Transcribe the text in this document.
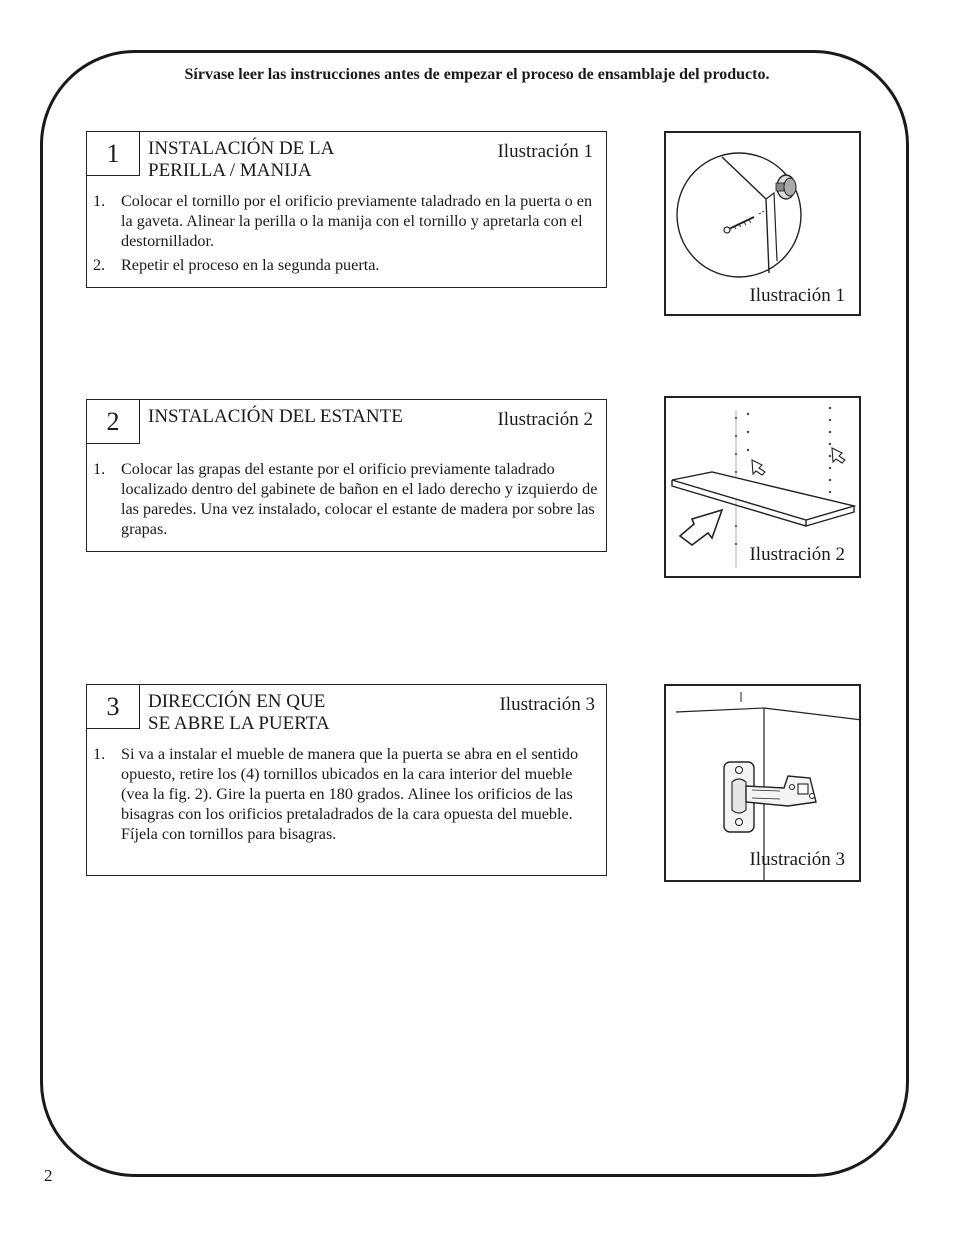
Sírvase leer las instrucciones antes de empezar el proceso de ensamblaje del producto.
1	INSTALACIÓN DE LA
PERILLA / MANIJA
Ilustración 1
1. Colocar el tornillo por el orificio previamente taladrado en la puerta o en la gaveta. Alinear la perilla o la manija con el tornillo y apretarla con el destornillador.
2. Repetir el proceso en la segunda puerta.
2	INSTALACIÓN DEL ESTANTE	Ilustración 2
1. Colocar las grapas del estante por el orificio previamente taladrado localizado dentro del gabinete de bañon en el lado derecho y izquierdo de las paredes. Una vez instalado, colocar el estante de madera por sobre las grapas.
3	DIRECCIÓN EN QUE
SE ABRE LA PUERTA
Ilustración 3
1. Si va a instalar el mueble de manera que la puerta se abra en el sentido opuesto, retire los (4) tornillos ubicados en la cara interior del mueble (vea la fig. 2). Gire la puerta en 180 grados. Alinee los orificios de las bisagras con los orificios pretaladrados de la cara opuesta del mueble. Fíjela con tornillos para bisagras.
Ilustración 1
Ilustración 2
Ilustración 3
2
